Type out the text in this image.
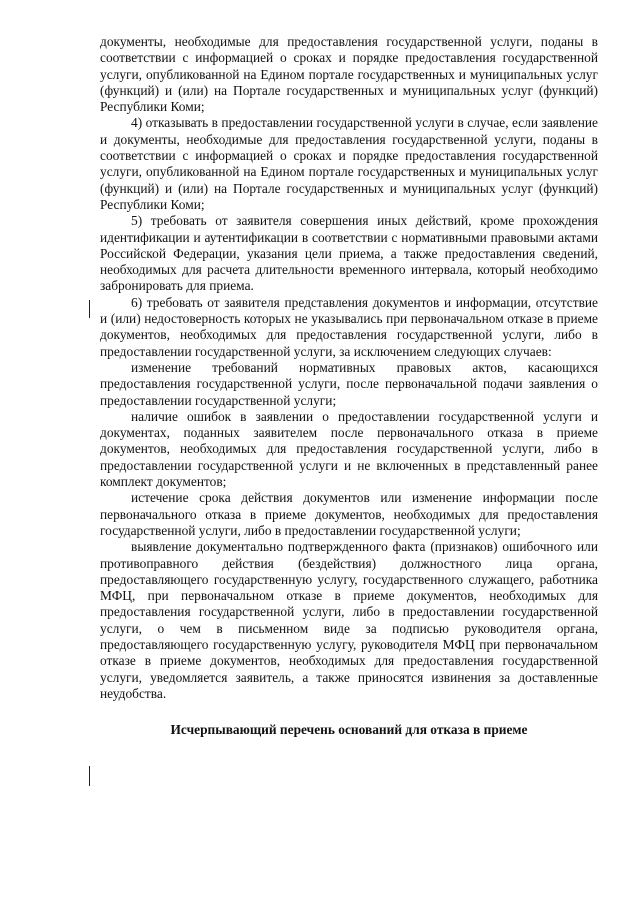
документы, необходимые для предоставления государственной услуги, поданы в соответствии с информацией о сроках и порядке предоставления государственной услуги, опубликованной на Едином портале государственных и муниципальных услуг (функций) и (или) на Портале государственных и муниципальных услуг (функций) Республики Коми;

4) отказывать в предоставлении государственной услуги в случае, если заявление и документы, необходимые для предоставления государственной услуги, поданы в соответствии с информацией о сроках и порядке предоставления государственной услуги, опубликованной на Едином портале государственных и муниципальных услуг (функций) и (или) на Портале государственных и муниципальных услуг (функций) Республики Коми;

5) требовать от заявителя совершения иных действий, кроме прохождения идентификации и аутентификации в соответствии с нормативными правовыми актами Российской Федерации, указания цели приема, а также предоставления сведений, необходимых для расчета длительности временного интервала, который необходимо забронировать для приема.

6) требовать от заявителя представления документов и информации, отсутствие и (или) недостоверность которых не указывались при первоначальном отказе в приеме документов, необходимых для предоставления государственной услуги, либо в предоставлении государственной услуги, за исключением следующих случаев:

изменение требований нормативных правовых актов, касающихся предоставления государственной услуги, после первоначальной подачи заявления о предоставлении государственной услуги;

наличие ошибок в заявлении о предоставлении государственной услуги и документах, поданных заявителем после первоначального отказа в приеме документов, необходимых для предоставления государственной услуги, либо в предоставлении государственной услуги и не включенных в представленный ранее комплект документов;

истечение срока действия документов или изменение информации после первоначального отказа в приеме документов, необходимых для предоставления государственной услуги, либо в предоставлении государственной услуги;

выявление документально подтвержденного факта (признаков) ошибочного или противоправного действия (бездействия) должностного лица органа, предоставляющего государственную услугу, государственного служащего, работника МФЦ, при первоначальном отказе в приеме документов, необходимых для предоставления государственной услуги, либо в предоставлении государственной услуги, о чем в письменном виде за подписью руководителя органа, предоставляющего государственную услугу, руководителя МФЦ при первоначальном отказе в приеме документов, необходимых для предоставления государственной услуги, уведомляется заявитель, а также приносятся извинения за доставленные неудобства.

Исчерпывающий перечень оснований для отказа в приеме
